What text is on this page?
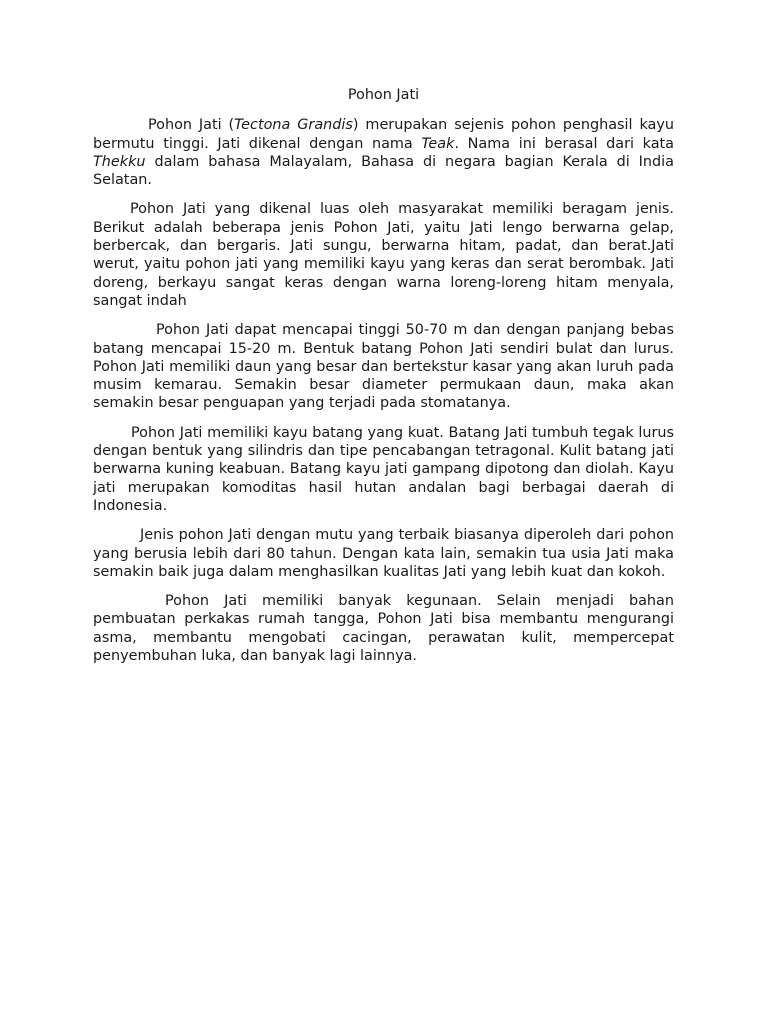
Pohon Jati

Pohon Jati (Tectona Grandis) merupakan sejenis pohon penghasil kayu bermutu tinggi. Jati dikenal dengan nama Teak. Nama ini berasal dari kata Thekku dalam bahasa Malayalam, Bahasa di negara bagian Kerala di India Selatan.

Pohon Jati yang dikenal luas oleh masyarakat memiliki beragam jenis. Berikut adalah beberapa jenis Pohon Jati, yaitu Jati lengo berwarna gelap, berbercak, dan bergaris. Jati sungu, berwarna hitam, padat, dan berat.Jati werut, yaitu pohon jati yang memiliki kayu yang keras dan serat berombak. Jati doreng, berkayu sangat keras dengan warna loreng-loreng hitam menyala, sangat indah

Pohon Jati dapat mencapai tinggi 50-70 m dan dengan panjang bebas batang mencapai 15-20 m. Bentuk batang Pohon Jati sendiri bulat dan lurus. Pohon Jati memiliki daun yang besar dan bertekstur kasar yang akan luruh pada musim kemarau. Semakin besar diameter permukaan daun, maka akan semakin besar penguapan yang terjadi pada stomatanya.

Pohon Jati memiliki kayu batang yang kuat. Batang Jati tumbuh tegak lurus dengan bentuk yang silindris dan tipe pencabangan tetragonal. Kulit batang jati berwarna kuning keabuan. Batang kayu jati gampang dipotong dan diolah. Kayu jati merupakan komoditas hasil hutan andalan bagi berbagai daerah di Indonesia.

Jenis pohon Jati dengan mutu yang terbaik biasanya diperoleh dari pohon yang berusia lebih dari 80 tahun. Dengan kata lain, semakin tua usia Jati maka semakin baik juga dalam menghasilkan kualitas Jati yang lebih kuat dan kokoh.

Pohon Jati memiliki banyak kegunaan. Selain menjadi bahan pembuatan perkakas rumah tangga, Pohon Jati bisa membantu mengurangi asma, membantu mengobati cacingan, perawatan kulit, mempercepat penyembuhan luka, dan banyak lagi lainnya.
